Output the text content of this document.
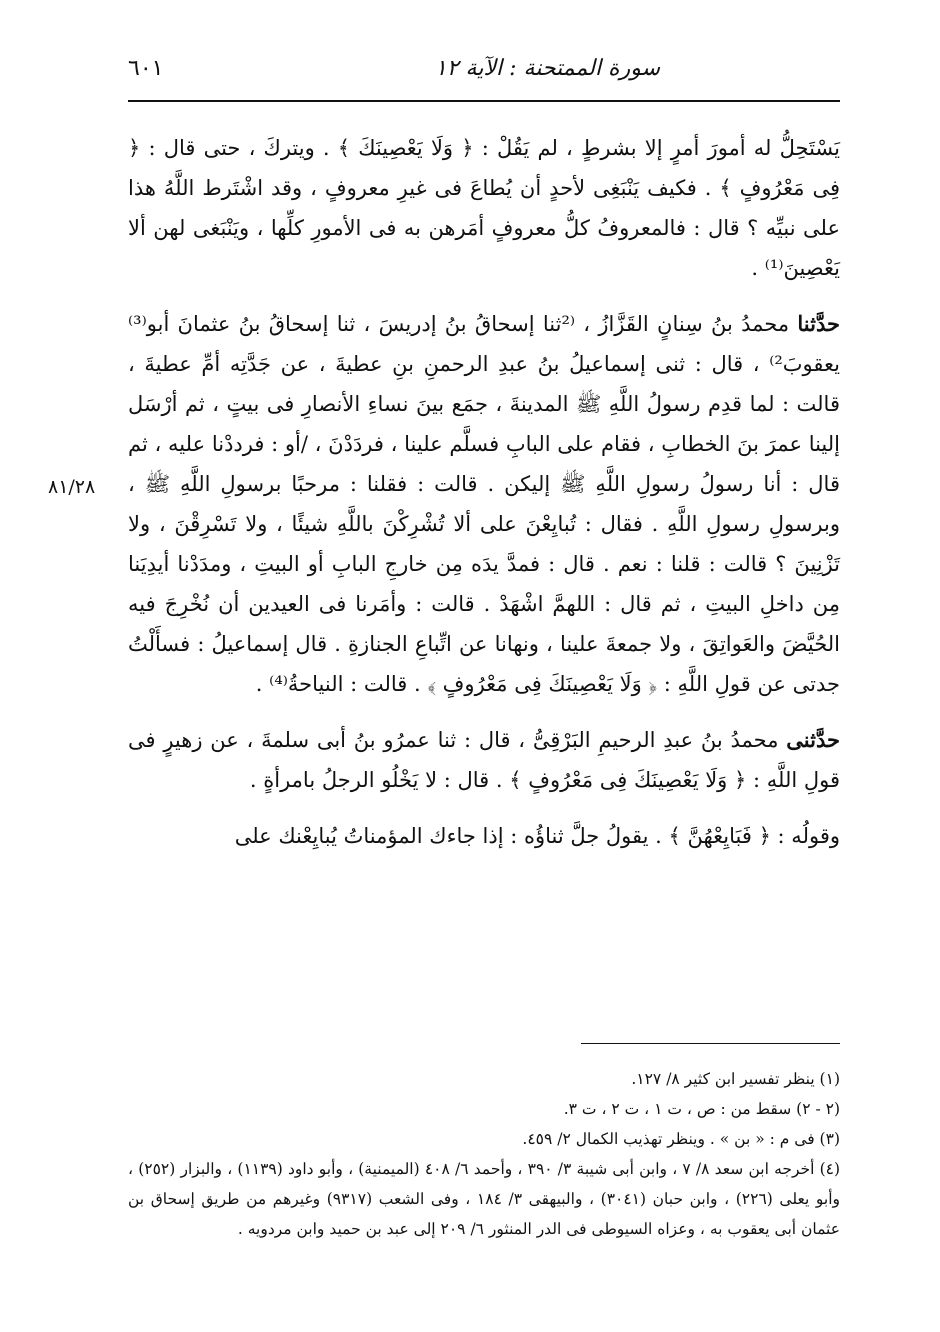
سورة الممتحنة : الآية ١٢
٦٠١
٨١/٢٨

يَسْتَحِلُّ له أمورَ أمرٍ إلا بشرطٍ ، لم يَقُلْ : ﴿ وَلَا يَعْصِينَكَ ﴾ . ويتركَ ، حتى قال : ﴿ فِى مَعْرُوفٍ ﴾ . فكيف يَنْبَغِى لأحدٍ أن يُطاعَ فى غيرِ معروفٍ ، وقد اشْتَرط اللَّهُ هذا على نبيِّه ؟ قال : فالمعروفُ كلُّ معروفٍ أمَرهن به فى الأمورِ كلِّها ، ويَنْبَغى لهن ألا يَعْصِينَ⁽¹⁾ .

حدَّثنا محمدُ بنُ سِنانٍ القَزَّازُ ، ⁽²ثنا إسحاقُ بنُ إدريسَ ، ثنا إسحاقُ بنُ عثمانَ أبو⁽³⁾ يعقوبَ²⁾ ، قال : ثنى إسماعيلُ بنُ عبدِ الرحمنِ بنِ عطيةَ ، عن جَدَّتِه أمِّ عطيةَ ، قالت : لما قدِم رسولُ اللَّهِ ﷺ المدينةَ ، جمَع بينَ نساءِ الأنصارِ فى بيتٍ ، ثم أرْسَل إلينا عمرَ بنَ الخطابِ ، فقام على البابِ فسلَّم علينا ، فردَدْنَ ، /أو : فرددْنا عليه ، ثم قال : أنا رسولُ رسولِ اللَّهِ ﷺ إليكن . قالت : فقلنا : مرحبًا برسولِ اللَّهِ ﷺ ، وبرسولِ رسولِ اللَّهِ . فقال : تُبايِعْنَ على ألا تُشْرِكْنَ باللَّهِ شيئًا ، ولا تَسْرِقْنَ ، ولا تَزْنِينَ ؟ قالت : قلنا : نعم . قال : فمدَّ يدَه مِن خارجِ البابِ أو البيتِ ، ومدَدْنا أيدِيَنا مِن داخلِ البيتِ ، ثم قال : اللهمَّ اشْهَدْ . قالت : وأمَرنا فى العيدين أن نُخْرِجَ فيه الحُيَّضَ والعَواتِقَ ، ولا جمعةَ علينا ، ونهانا عن اتِّباعِ الجنازةِ . قال إسماعيلُ : فسأَلْتُ جدتى عن قولِ اللَّهِ : ﴿ وَلَا يَعْصِينَكَ فِى مَعْرُوفٍ ﴾ . قالت : النياحةُ⁽⁴⁾ .

حدَّثنى محمدُ بنُ عبدِ الرحيمِ البَرْقِىُّ ، قال : ثنا عمرُو بنُ أبى سلمةَ ، عن زهيرٍ فى قولِ اللَّهِ : ﴿ وَلَا يَعْصِينَكَ فِى مَعْرُوفٍ ﴾ . قال : لا يَخْلُو الرجلُ بامرأةٍ .

وقولُه : ﴿ فَبَايِعْهُنَّ ﴾ . يقولُ جلَّ ثناؤُه : إذا جاءك المؤمناتُ يُبايِعْنك على

(١) ينظر تفسير ابن كثير ٨/ ١٢٧.

(٢ - ٢) سقط من : ص ، ت ١ ، ت ٢ ، ت ٣.

(٣) فى م : « بن » . وينظر تهذيب الكمال ٢/ ٤٥٩.

(٤) أخرجه ابن سعد ٨/ ٧ ، وابن أبى شيبة ٣/ ٣٩٠ ، وأحمد ٦/ ٤٠٨ (الميمنية) ، وأبو داود (١١٣٩) ، والبزار (٢٥٢) ، وأبو يعلى (٢٢٦) ، وابن حبان (٣٠٤١) ، والبيهقى ٣/ ١٨٤ ، وفى الشعب (٩٣١٧) وغيرهم من طريق إسحاق بن عثمان أبى يعقوب به ، وعزاه السيوطى فى الدر المنثور ٦/ ٢٠٩ إلى عبد بن حميد وابن مردويه .
